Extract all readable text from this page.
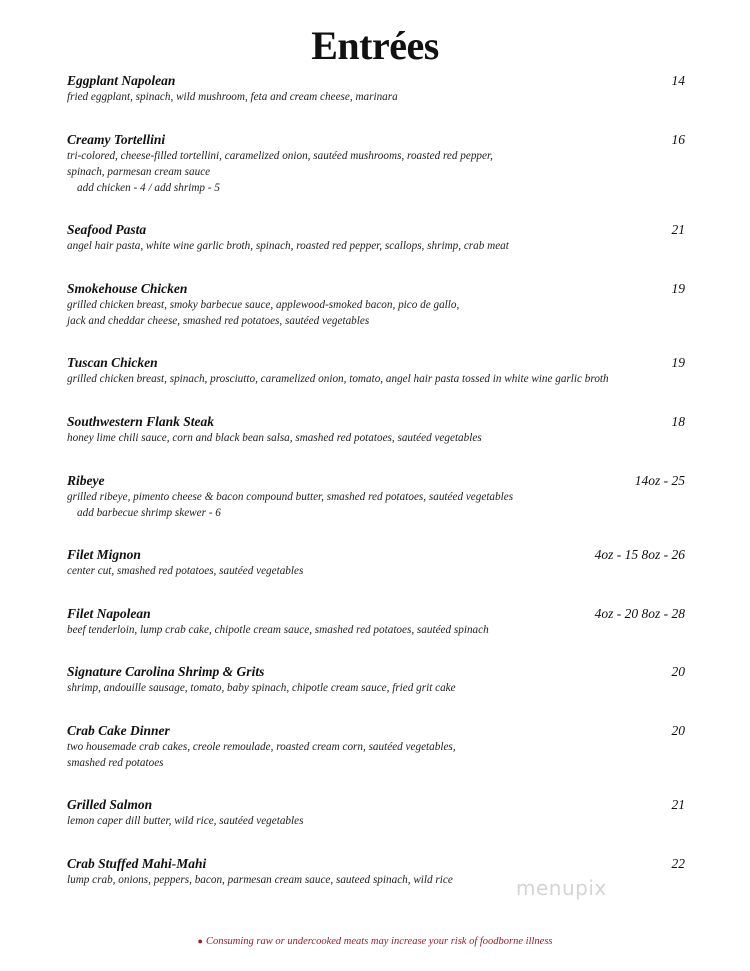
Entrées
Eggplant Napolean	14
fried eggplant, spinach, wild mushroom, feta and cream cheese, marinara
Creamy Tortellini	16
tri-colored, cheese-filled tortellini, caramelized onion, sautéed mushrooms, roasted red pepper,
spinach, parmesan cream sauce
add chicken - 4 / add shrimp - 5
Seafood Pasta	21
angel hair pasta, white wine garlic broth, spinach, roasted red pepper, scallops, shrimp, crab meat
Smokehouse Chicken	19
grilled chicken breast, smoky barbecue sauce, applewood-smoked bacon, pico de gallo,
jack and cheddar cheese, smashed red potatoes, sautéed vegetables
Tuscan Chicken	19
grilled chicken breast, spinach, prosciutto, caramelized onion, tomato, angel hair pasta tossed in white wine garlic broth
Southwestern Flank Steak	18
honey lime chili sauce, corn and black bean salsa, smashed red potatoes, sautéed vegetables
Ribeye	14oz - 25
grilled ribeye, pimento cheese & bacon compound butter, smashed red potatoes, sautéed vegetables
add barbecue shrimp skewer - 6
Filet Mignon	4oz - 15 8oz - 26
center cut, smashed red potatoes, sautéed vegetables
Filet Napolean	4oz - 20 8oz - 28
beef tenderloin, lump crab cake, chipotle cream sauce, smashed red potatoes, sautéed spinach
Signature Carolina Shrimp & Grits	20
shrimp, andouille sausage, tomato, baby spinach, chipotle cream sauce, fried grit cake
Crab Cake Dinner	20
two housemade crab cakes, creole remoulade, roasted cream corn, sautéed vegetables,
smashed red potatoes
Grilled Salmon	21
lemon caper dill butter, wild rice, sautéed vegetables
Crab Stuffed Mahi-Mahi	22
lump crab, onions, peppers, bacon, parmesan cream sauce, sauteed spinach, wild rice	menupix
● Consuming raw or undercooked meats may increase your risk of foodborne illness
